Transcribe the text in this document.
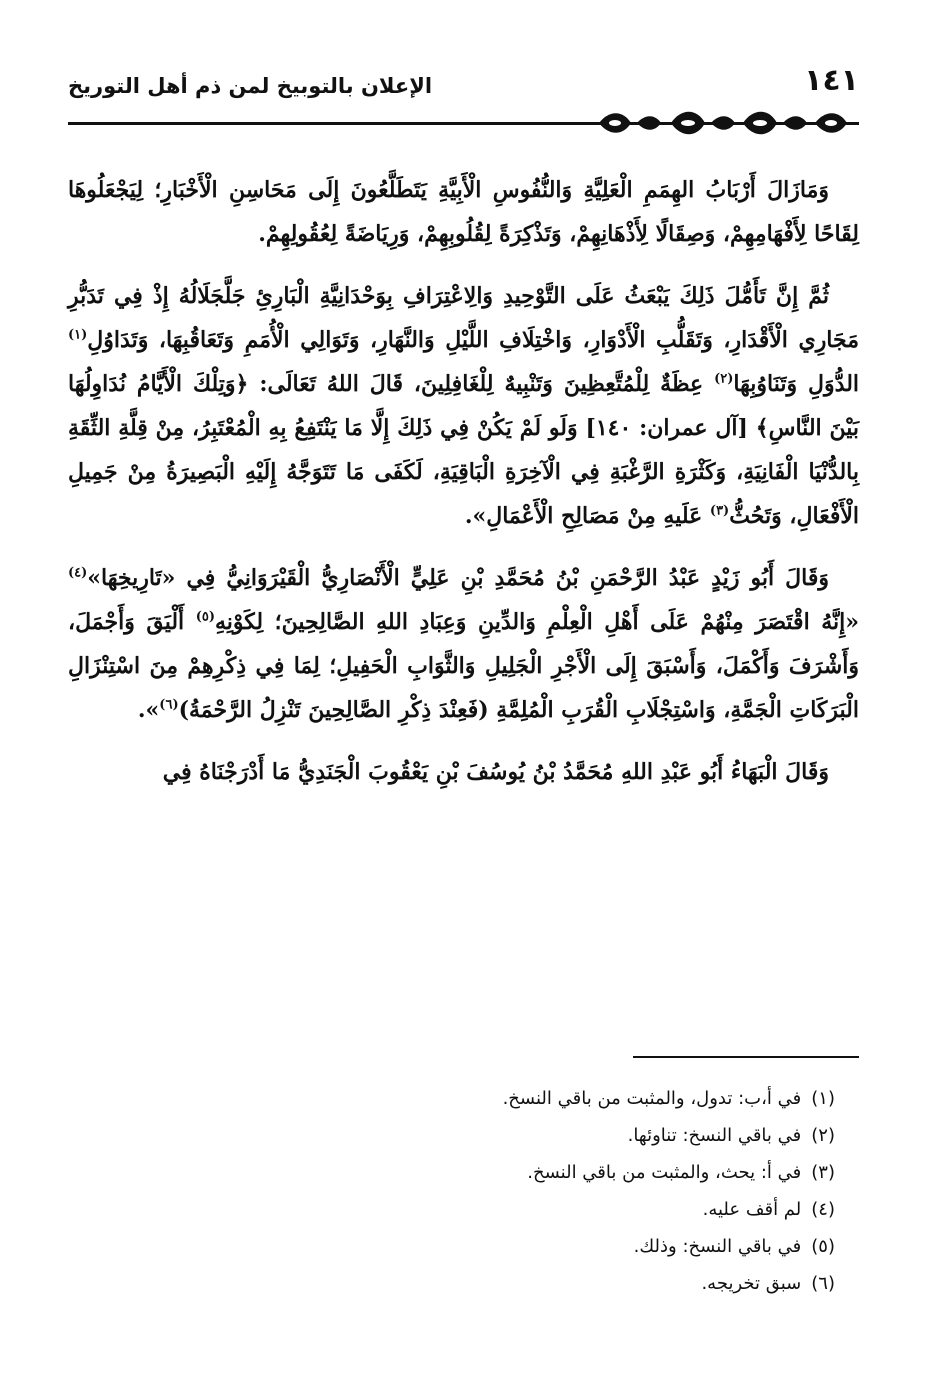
١٤١
الإعلان بالتوبيخ لمن ذم أهل التوريخ

وَمَازَالَ أَرْبَابُ الهِمَمِ الْعَلِيَّةِ وَالنُّفُوسِ الْأَبِيَّةِ يَتَطَلَّعُونَ إِلَى مَحَاسِنِ الْأَخْبَارِ؛ لِيَجْعَلُوهَا لِقَاحًا لِأَفْهَامِهِمْ، وَصِقَالًا لِأَذْهَانِهِمْ، وَتَذْكِرَةً لِقُلُوبِهِمْ، وَرِيَاضَةً لِعُقُولِهِمْ.

ثُمَّ إِنَّ تَأَمُّلَ ذَلِكَ يَبْعَثُ عَلَى التَّوْحِيدِ وَالِاعْتِرَافِ بِوَحْدَانِيَّةِ الْبَارِئِ جَلَّجَلَالُهُ إِذْ فِي تَدَبُّرِ مَجَارِي الْأَقْدَارِ، وَتَقَلُّبِ الْأَدْوَارِ، وَاخْتِلَافِ اللَّيْلِ وَالنَّهَارِ، وَتَوَالِي الْأُمَمِ وَتَعَاقُبِهَا، وَتَدَاوُلِ$^{(١)}$ الدُّوَلِ وَتَنَاوُبِهَا$^{(٢)}$ عِظَةٌ لِلْمُتَّعِظِينَ وَتَنْبِيهٌ لِلْغَافِلِينَ، قَالَ اللهُ تَعَالَى: ﴿وَتِلْكَ الْأَيَّامُ نُدَاوِلُهَا بَيْنَ النَّاسِ﴾ [آل عمران: ١٤٠] وَلَو لَمْ يَكُنْ فِي ذَلِكَ إِلَّا مَا يَنْتَفِعُ بِهِ الْمُعْتَبِرُ، مِنْ قِلَّةِ الثِّقَةِ بِالدُّنْيَا الْفَانِيَةِ، وَكَثْرَةِ الرَّغْبَةِ فِي الْآخِرَةِ الْبَاقِيَةِ، لَكَفَى مَا تَتَوَجَّهُ إِلَيْهِ الْبَصِيرَةُ مِنْ جَمِيلِ الْأَفْعَالِ، وَتَحُثُّ$^{(٣)}$ عَلَيهِ مِنْ مَصَالِحِ الْأَعْمَالِ».

وَقَالَ أَبُو زَيْدٍ عَبْدُ الرَّحْمَنِ بْنُ مُحَمَّدِ بْنِ عَلِيٍّ الْأَنْصَارِيُّ الْقَيْرَوَانِيُّ فِي «تَارِيخِهَا»$^{(٤)}$ «إِنَّهُ اقْتَصَرَ مِنْهُمْ عَلَى أَهْلِ الْعِلْمِ وَالدِّينِ وَعِبَادِ اللهِ الصَّالِحِينَ؛ لِكَوْنِهِ$^{(٥)}$ أَلْيَقَ وَأَجْمَلَ، وَأَشْرَفَ وَأَكْمَلَ، وَأَسْبَقَ إِلَى الْأَجْرِ الْجَلِيلِ وَالثَّوَابِ الْحَفِيلِ؛ لِمَا فِي ذِكْرِهِمْ مِنَ اسْتِنْزَالِ الْبَرَكَاتِ الْجَمَّةِ، وَاسْتِجْلَابِ الْقُرَبِ الْمُلِمَّةِ (فَعِنْدَ ذِكْرِ الصَّالِحِينَ تَنْزِلُ الرَّحْمَةُ)$^{(٦)}$».

وَقَالَ الْبَهَاءُ أَبُو عَبْدِ اللهِ مُحَمَّدُ بْنُ يُوسُفَ بْنِ يَعْقُوبَ الْجَنَدِيُّ مَا أَدْرَجْنَاهُ فِي

(١)
في أ،ب: تدول، والمثبت من باقي النسخ.
(٢)
في باقي النسخ: تناوئها.
(٣)
في أ: يحث، والمثبت من باقي النسخ.
(٤)
لم أقف عليه.
(٥)
في باقي النسخ: وذلك.
(٦)
سبق تخريجه.
